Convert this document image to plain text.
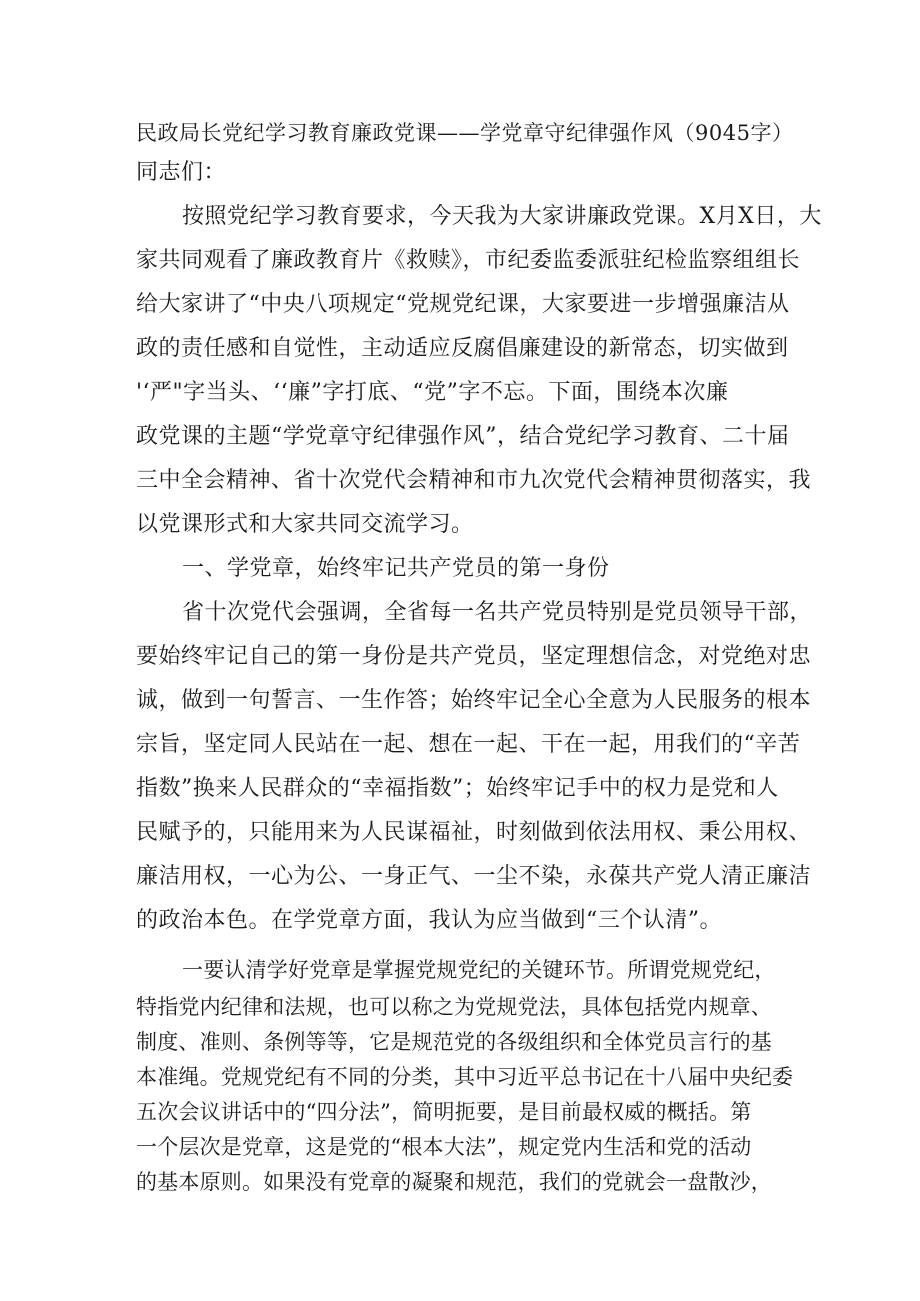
民政局长党纪学习教育廉政党课——学党章守纪律强作风（9045字）
同志们：
按照党纪学习教育要求，今天我为大家讲廉政党课。X月X日，大
家共同观看了廉政教育片《救赎》，市纪委监委派驻纪检监察组组长
给大家讲了“中央八项规定“党规党纪课，大家要进一步增强廉洁从
政的责任感和自觉性，主动适应反腐倡廉建设的新常态，切实做到
'‘严"字当头、‘‘廉”字打底、“党”字不忘。下面，围绕本次廉
政党课的主题“学党章守纪律强作风”，结合党纪学习教育、二十届
三中全会精神、省十次党代会精神和市九次党代会精神贯彻落实，我
以党课形式和大家共同交流学习。
一、学党章，始终牢记共产党员的第一身份
省十次党代会强调，全省每一名共产党员特别是党员领导干部，
要始终牢记自己的第一身份是共产党员，坚定理想信念，对党绝对忠
诚，做到一句誓言、一生作答；始终牢记全心全意为人民服务的根本
宗旨，坚定同人民站在一起、想在一起、干在一起，用我们的“辛苦
指数”换来人民群众的“幸福指数”；始终牢记手中的权力是党和人
民赋予的，只能用来为人民谋福祉，时刻做到依法用权、秉公用权、
廉洁用权，一心为公、一身正气、一尘不染，永葆共产党人清正廉洁
的政治本色。在学党章方面，我认为应当做到“三个认清”。
一要认清学好党章是掌握党规党纪的关键环节。所谓党规党纪，
特指党内纪律和法规，也可以称之为党规党法，具体包括党内规章、
制度、准则、条例等等，它是规范党的各级组织和全体党员言行的基
本准绳。党规党纪有不同的分类，其中习近平总书记在十八届中央纪委
五次会议讲话中的“四分法”，简明扼要，是目前最权威的概括。第
一个层次是党章，这是党的“根本大法”，规定党内生活和党的活动
的基本原则。如果没有党章的凝聚和规范，我们的党就会一盘散沙，
